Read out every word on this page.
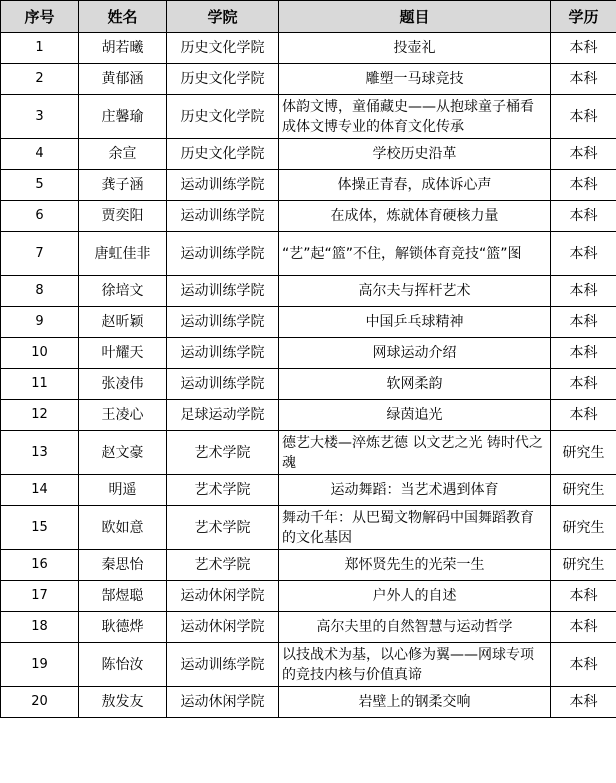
序号	姓名	学院	题目	学历
1	胡若曦	历史文化学院	投壶礼	本科
2	黄郁涵	历史文化学院	雕塑一马球竞技	本科
3	庄馨瑜	历史文化学院	体韵文博，童俑藏史——从抱球童子桶看成体文博专业的体育文化传承	本科
4	余宣	历史文化学院	学校历史沿革	本科
5	龚子涵	运动训练学院	体操正青春，成体诉心声	本科
6	贾奕阳	运动训练学院	在成体，炼就体育硬核力量	本科
7	唐虹佳非	运动训练学院	“艺”起“篮”不住，解锁体育竞技“篮”图	本科
8	徐培文	运动训练学院	高尔夫与挥杆艺术	本科
9	赵昕颖	运动训练学院	中国乒乓球精神	本科
10	叶耀天	运动训练学院	网球运动介绍	本科
11	张凌伟	运动训练学院	软网柔韵	本科
12	王凌心	足球运动学院	绿茵追光	本科
13	赵文豪	艺术学院	德艺大楼—淬炼艺德 以文艺之光 铸时代之魂	研究生
14	明遥	艺术学院	运动舞蹈：当艺术遇到体育	研究生
15	欧如意	艺术学院	舞动千年：从巴蜀文物解码中国舞蹈教育的文化基因	研究生
16	秦思怡	艺术学院	郑怀贤先生的光荣一生	研究生
17	郜煜聪	运动休闲学院	户外人的自述	本科
18	耿德烨	运动休闲学院	高尔夫里的自然智慧与运动哲学	本科
19	陈怡汝	运动训练学院	以技战术为基，以心修为翼——网球专项的竞技内核与价值真谛	本科
20	敖发友	运动休闲学院	岩壁上的钢柔交响	本科
